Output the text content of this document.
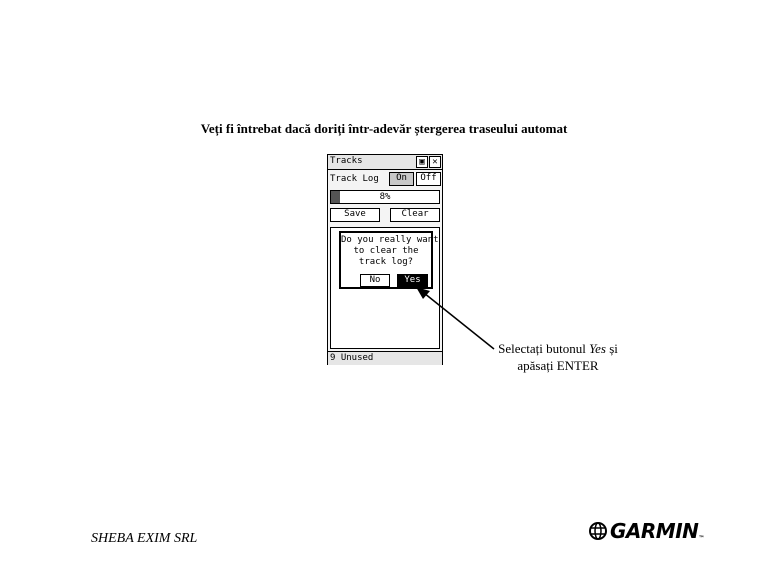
Veți fi întrebat dacă doriți într-adevăr ștergerea traseului automat
Tracks	▣ ✕
Track Log	On	Off
8%
Save	Clear
Do you really want
to clear the
track log?
No	Yes
9 Unused
Selectați butonul Yes și
apăsați ENTER
SHEBA EXIM SRL	GARMIN™
